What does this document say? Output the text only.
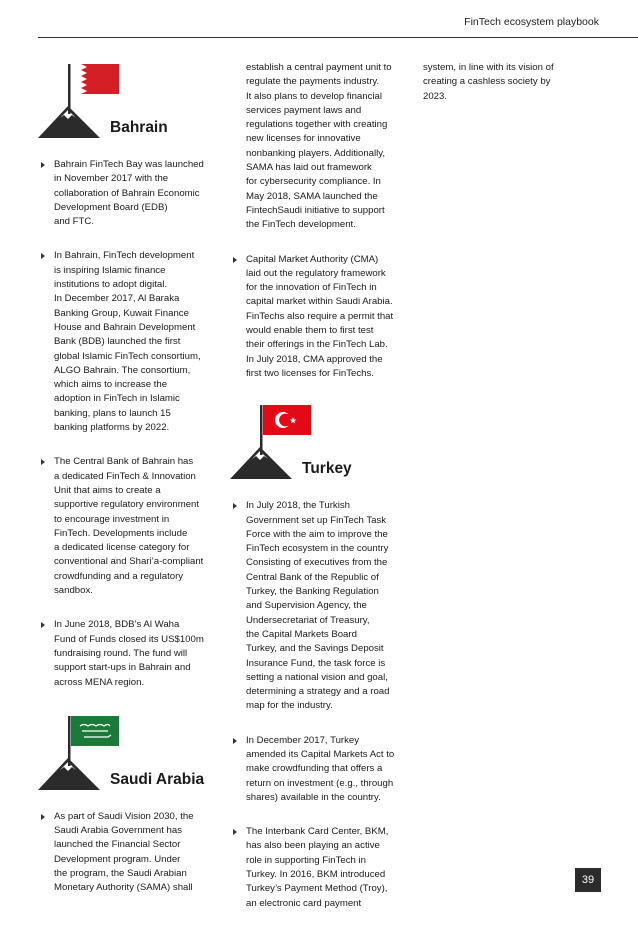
FinTech ecosystem playbook
Bahrain
Bahrain FinTech Bay was launched
in November 2017 with the
collaboration of Bahrain Economic
Development Board (EDB)
and FTC.
In Bahrain, FinTech development
is inspiring Islamic finance
institutions to adopt digital.
In December 2017, Al Baraka
Banking Group, Kuwait Finance
House and Bahrain Development
Bank (BDB) launched the first
global Islamic FinTech consortium,
ALGO Bahrain. The consortium,
which aims to increase the
adoption in FinTech in Islamic
banking, plans to launch 15
banking platforms by 2022.
The Central Bank of Bahrain has
a dedicated FinTech & Innovation
Unit that aims to create a
supportive regulatory environment
to encourage investment in
FinTech. Developments include
a dedicated license category for
conventional and Shari’a-compliant
crowdfunding and a regulatory
sandbox.
In June 2018, BDB’s Al Waha
Fund of Funds closed its US$100m
fundraising round. The fund will
support start-ups in Bahrain and
across MENA region.
Saudi Arabia
As part of Saudi Vision 2030, the
Saudi Arabia Government has
launched the Financial Sector
Development program. Under
the program, the Saudi Arabian
Monetary Authority (SAMA) shall

establish a central payment unit to
regulate the payments industry.
It also plans to develop financial
services payment laws and
regulations together with creating
new licenses for innovative
nonbanking players. Additionally,
SAMA has laid out framework
for cybersecurity compliance. In
May 2018, SAMA launched the
FintechSaudi initiative to support
the FinTech development.

Capital Market Authority (CMA)
laid out the regulatory framework
for the innovation of FinTech in
capital market within Saudi Arabia.
FinTechs also require a permit that
would enable them to first test
their offerings in the FinTech Lab.
In July 2018, CMA approved the
first two licenses for FinTechs.
Turkey
In July 2018, the Turkish
Government set up FinTech Task
Force with the aim to improve the
FinTech ecosystem in the country
Consisting of executives from the
Central Bank of the Republic of
Turkey, the Banking Regulation
and Supervision Agency, the
Undersecretariat of Treasury,
the Capital Markets Board
Turkey, and the Savings Deposit
Insurance Fund, the task force is
setting a national vision and goal,
determining a strategy and a road
map for the industry.
In December 2017, Turkey
amended its Capital Markets Act to
make crowdfunding that offers a
return on investment (e.g., through
shares) available in the country.
The Interbank Card Center, BKM,
has also been playing an active
role in supporting FinTech in
Turkey. In 2016, BKM introduced
Turkey’s Payment Method (Troy),
an electronic card payment

system, in line with its vision of
creating a cashless society by
2023.

39
